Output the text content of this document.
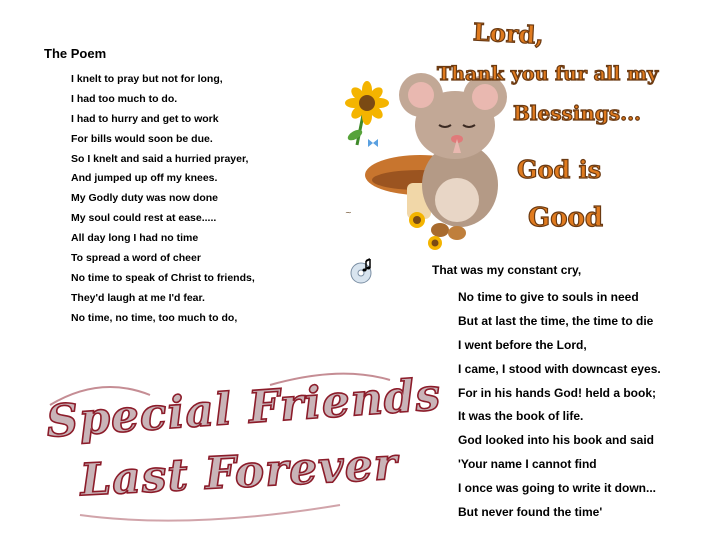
The Poem
I knelt to pray but not for long,
I had too much to do.
I had to hurry and get to work
For bills would soon be due.
So I knelt and said a hurried prayer,
And jumped up off my knees.
My Godly duty was now done
My soul could rest at ease.....
All day long I had no time
To spread a word of cheer
No time to speak of Christ to friends,
They'd laugh at me I'd fear.
No time, no time, too much to do,
~
Lord,
Thank you fur all my
Blessings...
God is
Good
That was my constant cry,
No time to give to souls in need
But at last the time, the time to die
I went before the Lord,
I came, I stood with downcast eyes.
For in his hands God! held a book;
It was the book of life.
God looked into his book and said
'Your name I cannot find
I once was going to write it down...
But never found the time'
Special Friends
Last Forever
